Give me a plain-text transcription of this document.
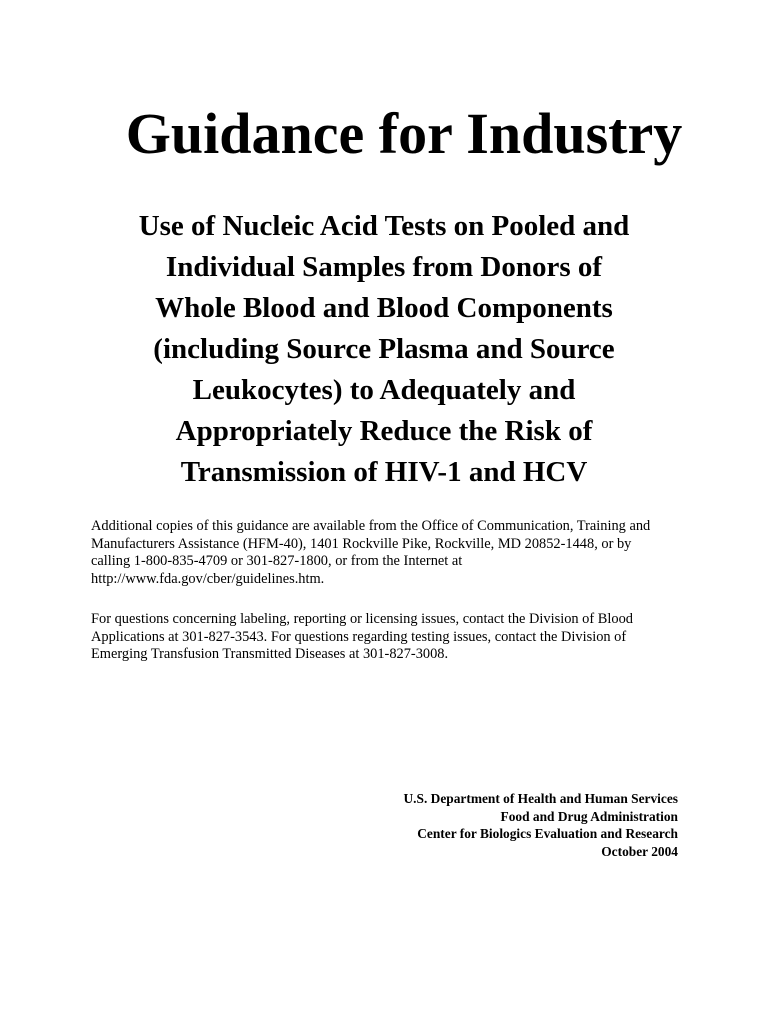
Guidance for Industry
Use of Nucleic Acid Tests on Pooled and
Individual Samples from Donors of
Whole Blood and Blood Components
(including Source Plasma and Source
Leukocytes) to Adequately and
Appropriately Reduce the Risk of
Transmission of HIV-1 and HCV

Additional copies of this guidance are available from the Office of Communication, Training and
Manufacturers Assistance (HFM-40), 1401 Rockville Pike, Rockville, MD 20852-1448, or by
calling 1-800-835-4709 or 301-827-1800, or from the Internet at
http://www.fda.gov/cber/guidelines.htm.

For questions concerning labeling, reporting or licensing issues, contact the Division of Blood
Applications at 301-827-3543. For questions regarding testing issues, contact the Division of
Emerging Transfusion Transmitted Diseases at 301-827-3008.

U.S. Department of Health and Human Services
Food and Drug Administration
Center for Biologics Evaluation and Research
October 2004
